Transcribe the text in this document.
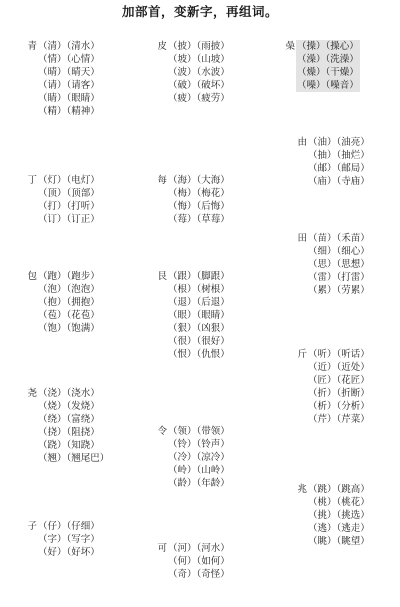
加部首，变新字，再组词。
青 （清）（清水）
（情）（心情）
（晴）（晴天）
（请）（请客）
（睛）（眼睛）
（精）（精神）
丁 （灯）（电灯）
（顶）（顶部）
（打）（打听）
（订）（订正）
包 （跑）（跑步）
（泡）（泡泡）
（抱）（拥抱）
（苞）（花苞）
（饱）（饱满）
尧 （浇）（浇水）
（烧）（发烧）
（绕）（富绕）
（挠）（阻挠）
（跷）（知跷）
（翘）（翘尾巴）
子 （仔）（仔细）
（字）（写字）
（好）（好坏）
皮 （披）（雨披）
（坡）（山坡）
（波）（水波）
（破）（破坏）
（疲）（疲劳）
每 （海）（大海）
（梅）（梅花）
（悔）（后悔）
（莓）（草莓）
艮 （跟）（脚跟）
（根）（树根）
（退）（后退）
（眼）（眼睛）
（狠）（凶狠）
（很）（很好）
（恨）（仇恨）
令 （领）（带领）
（铃）（铃声）
（冷）（凉冷）
（岭）（山岭）
（龄）（年龄）
可 （河）（河水）
（何）（如何）
（奇）（奇怪）
喿 （操）（操心）
（澡）（洗澡）
（燥）（干燥）
（噪）（噪音）
由 （油）（油亮）
（抽）（抽烂）
（邮）（邮局）
（庙）（寺庙）
田 （苗）（禾苗）
（细）（细心）
（思）（思想）
（雷）（打雷）
（累）（劳累）
斤 （听）（听话）
（近）（近处）
（匠）（花匠）
（折）（折断）
（析）（分析）
（芹）（芹菜）
兆 （跳）（跳高）
（桃）（桃花）
（挑）（挑选）
（逃）（逃走）
（眺）（眺望）
